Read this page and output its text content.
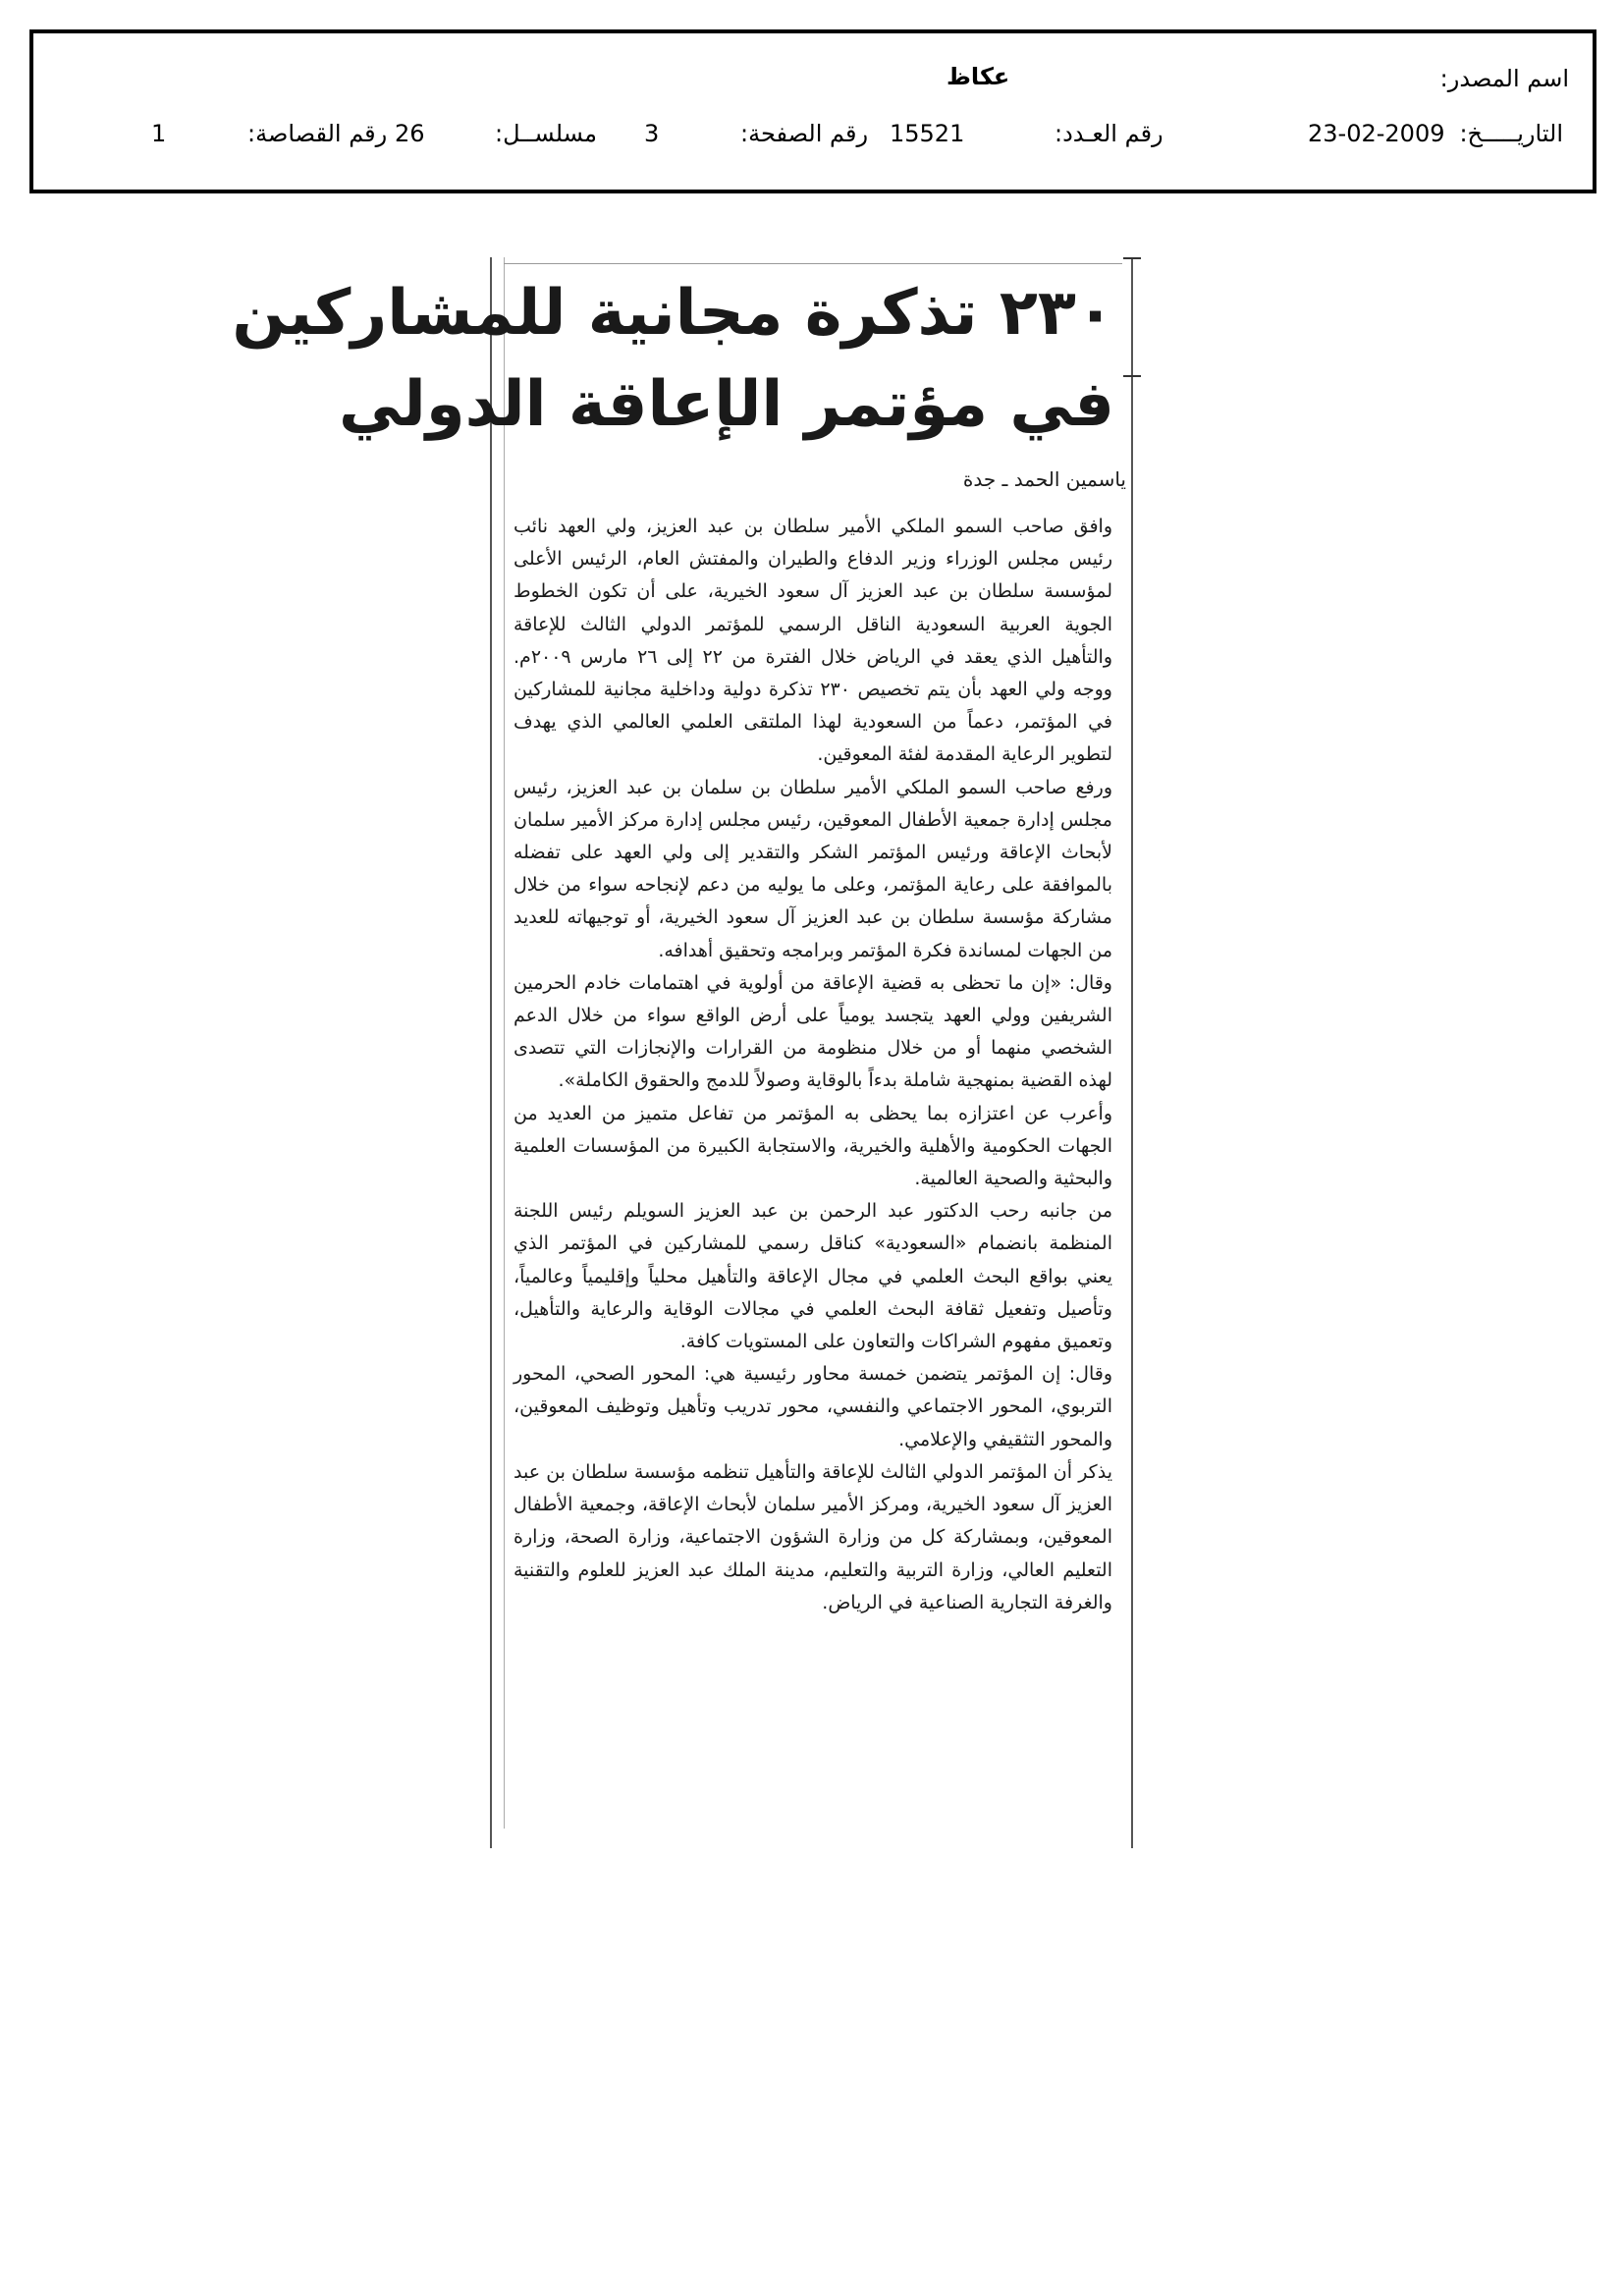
اسم المصدر:
عكاظ
التاريـــــخ:
23-02-2009
رقم العـدد:
15521
رقم الصفحة:
3
مسلســل:
26
رقم القصاصة:
1
٢٣٠ تذكرة مجانية للمشاركين
في مؤتمر الإعاقة الدولي
ياسمين الحمد ـ جدة

وافق صاحب السمو الملكي الأمير سلطان بن عبد العزيز، ولي العهد نائب رئيس مجلس الوزراء وزير الدفاع والطيران والمفتش العام، الرئيس الأعلى لمؤسسة سلطان بن عبد العزيز آل سعود الخيرية، على أن تكون الخطوط الجوية العربية السعودية الناقل الرسمي للمؤتمر الدولي الثالث للإعاقة والتأهيل الذي يعقد في الرياض خلال الفترة من ٢٢ إلى ٢٦ مارس ٢٠٠٩م. ووجه ولي العهد بأن يتم تخصيص ٢٣٠ تذكرة دولية وداخلية مجانية للمشاركين في المؤتمر، دعماً من السعودية لهذا الملتقى العلمي العالمي الذي يهدف لتطوير الرعاية المقدمة لفئة المعوقين.

ورفع صاحب السمو الملكي الأمير سلطان بن سلمان بن عبد العزيز، رئيس مجلس إدارة جمعية الأطفال المعوقين، رئيس مجلس إدارة مركز الأمير سلمان لأبحاث الإعاقة ورئيس المؤتمر الشكر والتقدير إلى ولي العهد على تفضله بالموافقة على رعاية المؤتمر، وعلى ما يوليه من دعم لإنجاحه سواء من خلال مشاركة مؤسسة سلطان بن عبد العزيز آل سعود الخيرية، أو توجيهاته للعديد من الجهات لمساندة فكرة المؤتمر وبرامجه وتحقيق أهدافه.

وقال: «إن ما تحظى به قضية الإعاقة من أولوية في اهتمامات خادم الحرمين الشريفين وولي العهد يتجسد يومياً على أرض الواقع سواء من خلال الدعم الشخصي منهما أو من خلال منظومة من القرارات والإنجازات التي تتصدى لهذه القضية بمنهجية شاملة بدءاً بالوقاية وصولاً للدمج والحقوق الكاملة».

وأعرب عن اعتزازه بما يحظى به المؤتمر من تفاعل متميز من العديد من الجهات الحكومية والأهلية والخيرية، والاستجابة الكبيرة من المؤسسات العلمية والبحثية والصحية العالمية.

من جانبه رحب الدكتور عبد الرحمن بن عبد العزيز السويلم رئيس اللجنة المنظمة بانضمام «السعودية» كناقل رسمي للمشاركين في المؤتمر الذي يعني بواقع البحث العلمي في مجال الإعاقة والتأهيل محلياً وإقليمياً وعالمياً، وتأصيل وتفعيل ثقافة البحث العلمي في مجالات الوقاية والرعاية والتأهيل، وتعميق مفهوم الشراكات والتعاون على المستويات كافة.

وقال: إن المؤتمر يتضمن خمسة محاور رئيسية هي: المحور الصحي، المحور التربوي، المحور الاجتماعي والنفسي، محور تدريب وتأهيل وتوظيف المعوقين، والمحور التثقيفي والإعلامي.

يذكر أن المؤتمر الدولي الثالث للإعاقة والتأهيل تنظمه مؤسسة سلطان بن عبد العزيز آل سعود الخيرية، ومركز الأمير سلمان لأبحاث الإعاقة، وجمعية الأطفال المعوقين، وبمشاركة كل من وزارة الشؤون الاجتماعية، وزارة الصحة، وزارة التعليم العالي، وزارة التربية والتعليم، مدينة الملك عبد العزيز للعلوم والتقنية والغرفة التجارية الصناعية في الرياض.
